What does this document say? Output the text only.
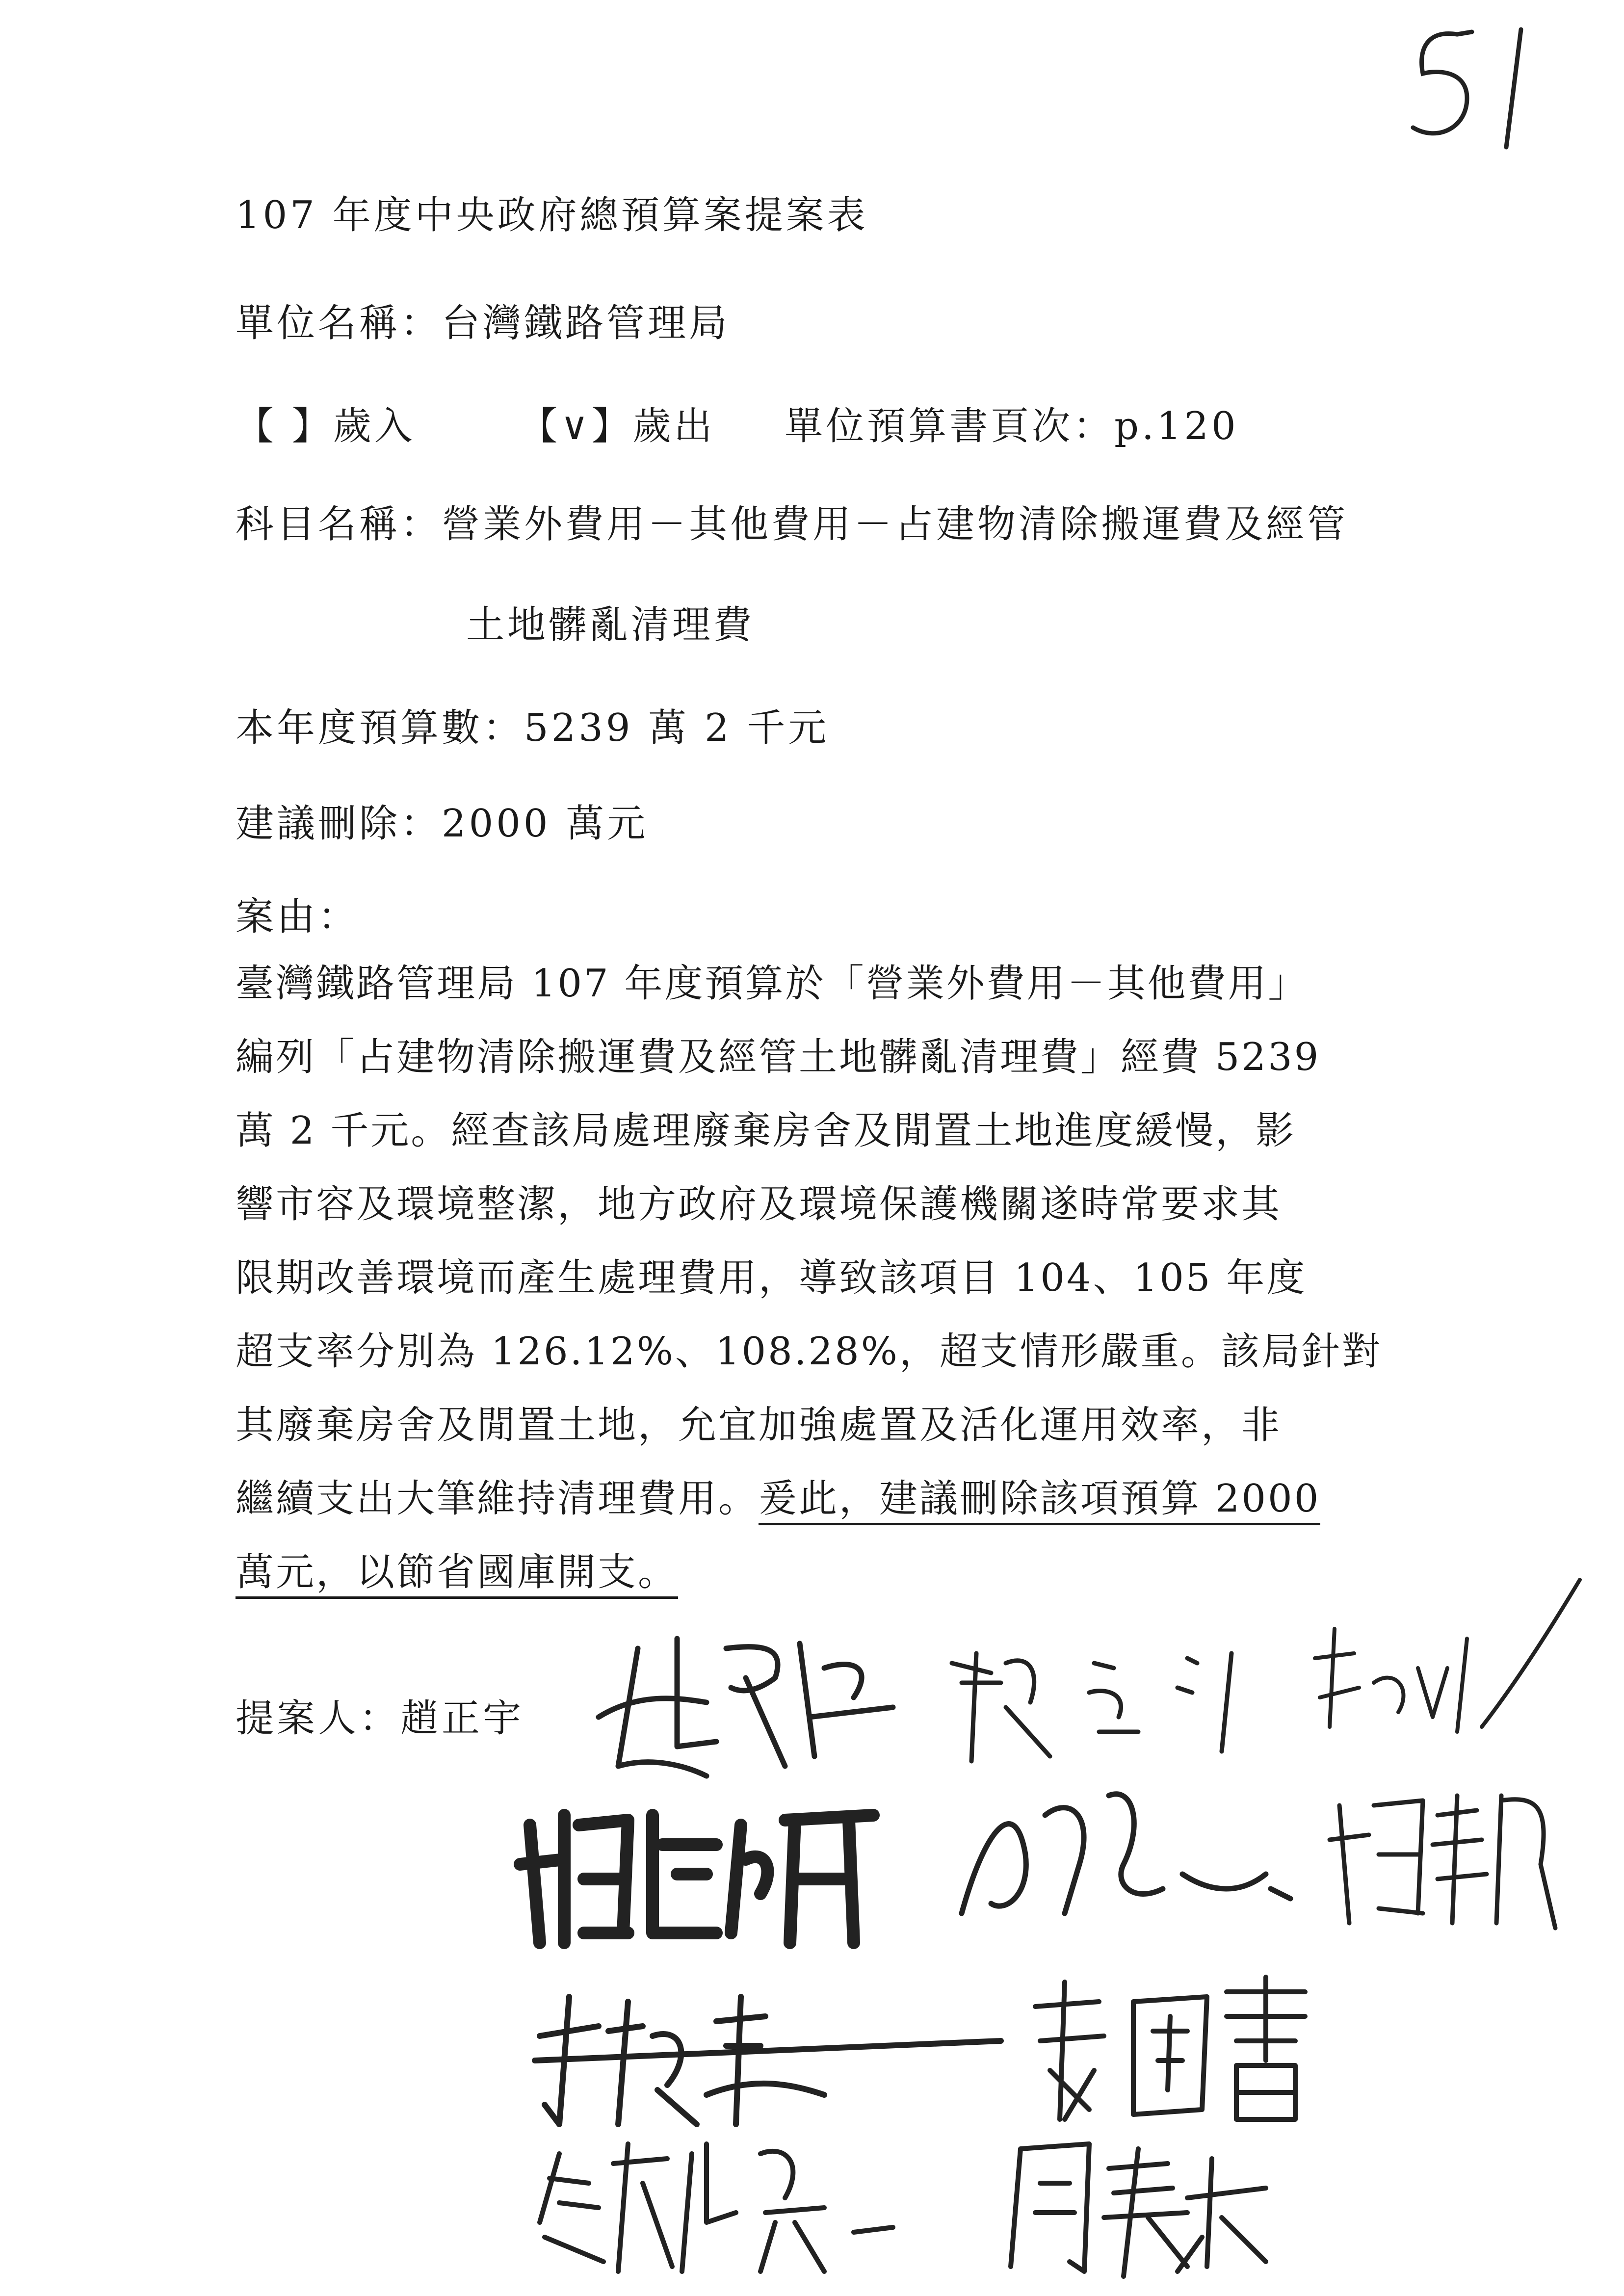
107 年度中央政府總預算案提案表
單位名稱：台灣鐵路管理局
【 】歲入	【∨】歲出 單位預算書頁次：p.120
科目名稱：營業外費用－其他費用－占建物清除搬運費及經管
土地髒亂清理費
本年度預算數：5239 萬 2 千元
建議刪除：2000 萬元
案由：

臺灣鐵路管理局 107 年度預算於「營業外費用－其他費用」

編列「占建物清除搬運費及經管土地髒亂清理費」經費 5239

萬 2 千元。經查該局處理廢棄房舍及閒置土地進度緩慢，影

響市容及環境整潔，地方政府及環境保護機關遂時常要求其

限期改善環境而產生處理費用，導致該項目 104、105 年度

超支率分別為 126.12%、108.28%，超支情形嚴重。該局針對

其廢棄房舍及閒置土地，允宜加強處置及活化運用效率，非

繼續支出大筆維持清理費用。爰此，建議刪除該項預算 2000

萬元，以節省國庫開支。

提案人：趙正宇
